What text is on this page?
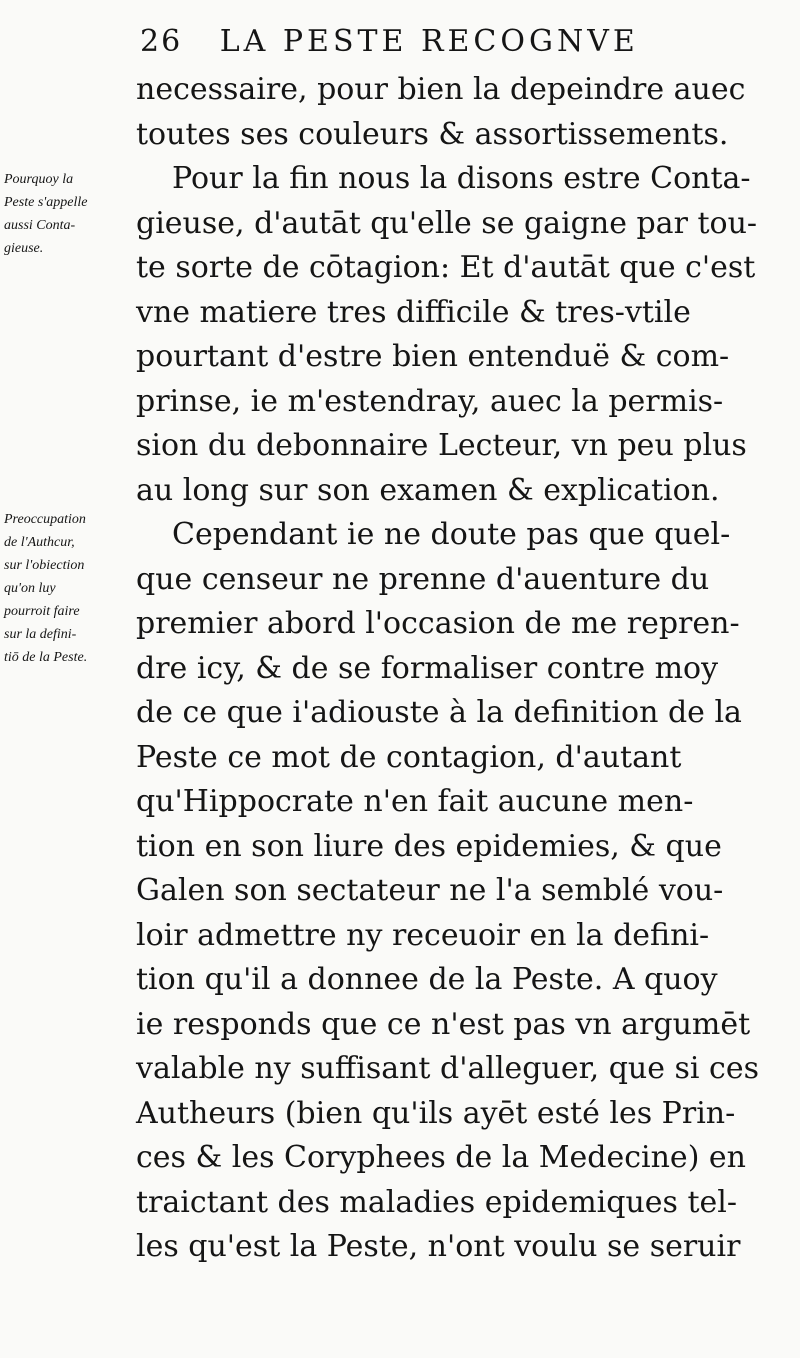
26 LA PESTE RECOGNVE
Pourquoy la
Peste s'appelle
aussi Conta-
gieuse.
Preoccupation
de l'Authcur,
sur l'obiection
qu'on luy
pourroit faire
sur la defini-
tiō de la Peste.
necessaire, pour bien la depeindre auec
toutes ses couleurs & assortissements.
Pour la fin nous la disons estre Conta-
gieuse, d'autāt qu'elle se gaigne par tou-
te sorte de cōtagion: Et d'autāt que c'est
vne matiere tres difficile & tres-vtile
pourtant d'estre bien entenduë & com-
prinse, ie m'estendray, auec la permis-
sion du debonnaire Lecteur, vn peu plus
au long sur son examen & explication.
Cependant ie ne doute pas que quel-
que censeur ne prenne d'auenture du
premier abord l'occasion de me repren-
dre icy, & de se formaliser contre moy
de ce que i'adiouste à la definition de la
Peste ce mot de contagion, d'autant
qu'Hippocrate n'en fait aucune men-
tion en son liure des epidemies, & que
Galen son sectateur ne l'a semblé vou-
loir admettre ny receuoir en la defini-
tion qu'il a donnee de la Peste. A quoy
ie responds que ce n'est pas vn argumēt
valable ny suffisant d'alleguer, que si ces
Autheurs (bien qu'ils ayēt esté les Prin-
ces & les Coryphees de la Medecine) en
traictant des maladies epidemiques tel-
les qu'est la Peste, n'ont voulu se seruir
